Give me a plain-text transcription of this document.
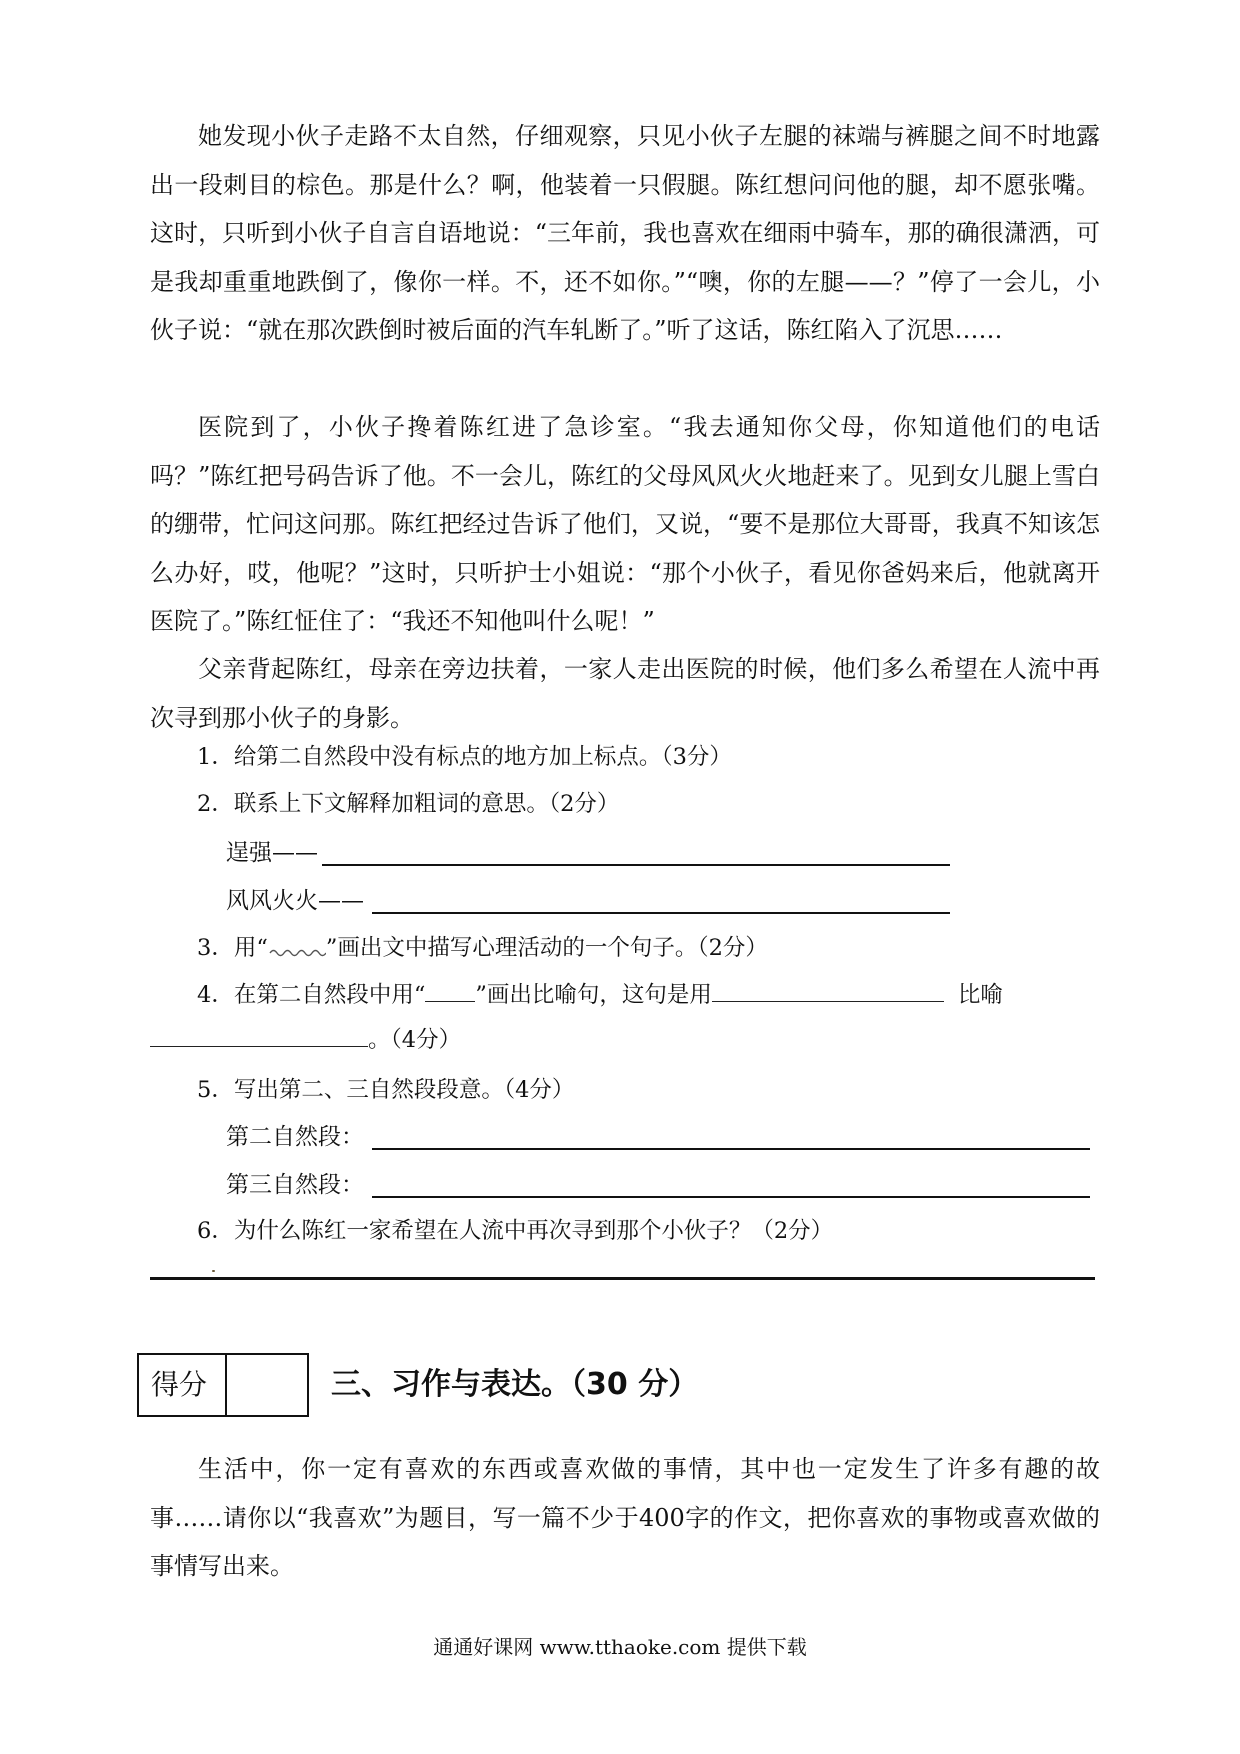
她发现小伙子走路不太自然，仔细观察，只见小伙子左腿的袜端与裤腿之间不时地露出一段刺目的棕色。那是什么？啊，他装着一只假腿。陈红想问问他的腿，却不愿张嘴。这时，只听到小伙子自言自语地说：“三年前，我也喜欢在细雨中骑车，那的确很潇洒，可是我却重重地跌倒了，像你一样。不，还不如你。”“噢，你的左腿——？”停了一会儿，小伙子说：“就在那次跌倒时被后面的汽车轧断了。”听了这话，陈红陷入了沉思……

医院到了，小伙子搀着陈红进了急诊室。“我去通知你父母，你知道他们的电话吗？”陈红把号码告诉了他。不一会儿，陈红的父母风风火火地赶来了。见到女儿腿上雪白的绷带，忙问这问那。陈红把经过告诉了他们，又说，“要不是那位大哥哥，我真不知该怎么办好，哎，他呢？”这时，只听护士小姐说：“那个小伙子，看见你爸妈来后，他就离开医院了。”陈红怔住了：“我还不知他叫什么呢！”

父亲背起陈红，母亲在旁边扶着，一家人走出医院的时候，他们多么希望在人流中再次寻到那小伙子的身影。

1．给第二自然段中没有标点的地方加上标点。（3分）
2．联系上下文解释加粗词的意思。（2分）
逞强——
风风火火——
3．用“	”画出文中描写心理活动的一个句子。（2分）
4．在第二自然段中用“ ”画出比喻句，这句是用	比喻
。（4分）
5．写出第二、三自然段段意。（4分）
第二自然段：
第三自然段：
6．为什么陈红一家希望在人流中再次寻到那个小伙子？（2分）
得分	三、习作与表达。（30 分）

生活中，你一定有喜欢的东西或喜欢做的事情，其中也一定发生了许多有趣的故事……请你以“我喜欢”为题目，写一篇不少于400字的作文，把你喜欢的事物或喜欢做的事情写出来。

通通好课网 www.tthaoke.com 提供下载
